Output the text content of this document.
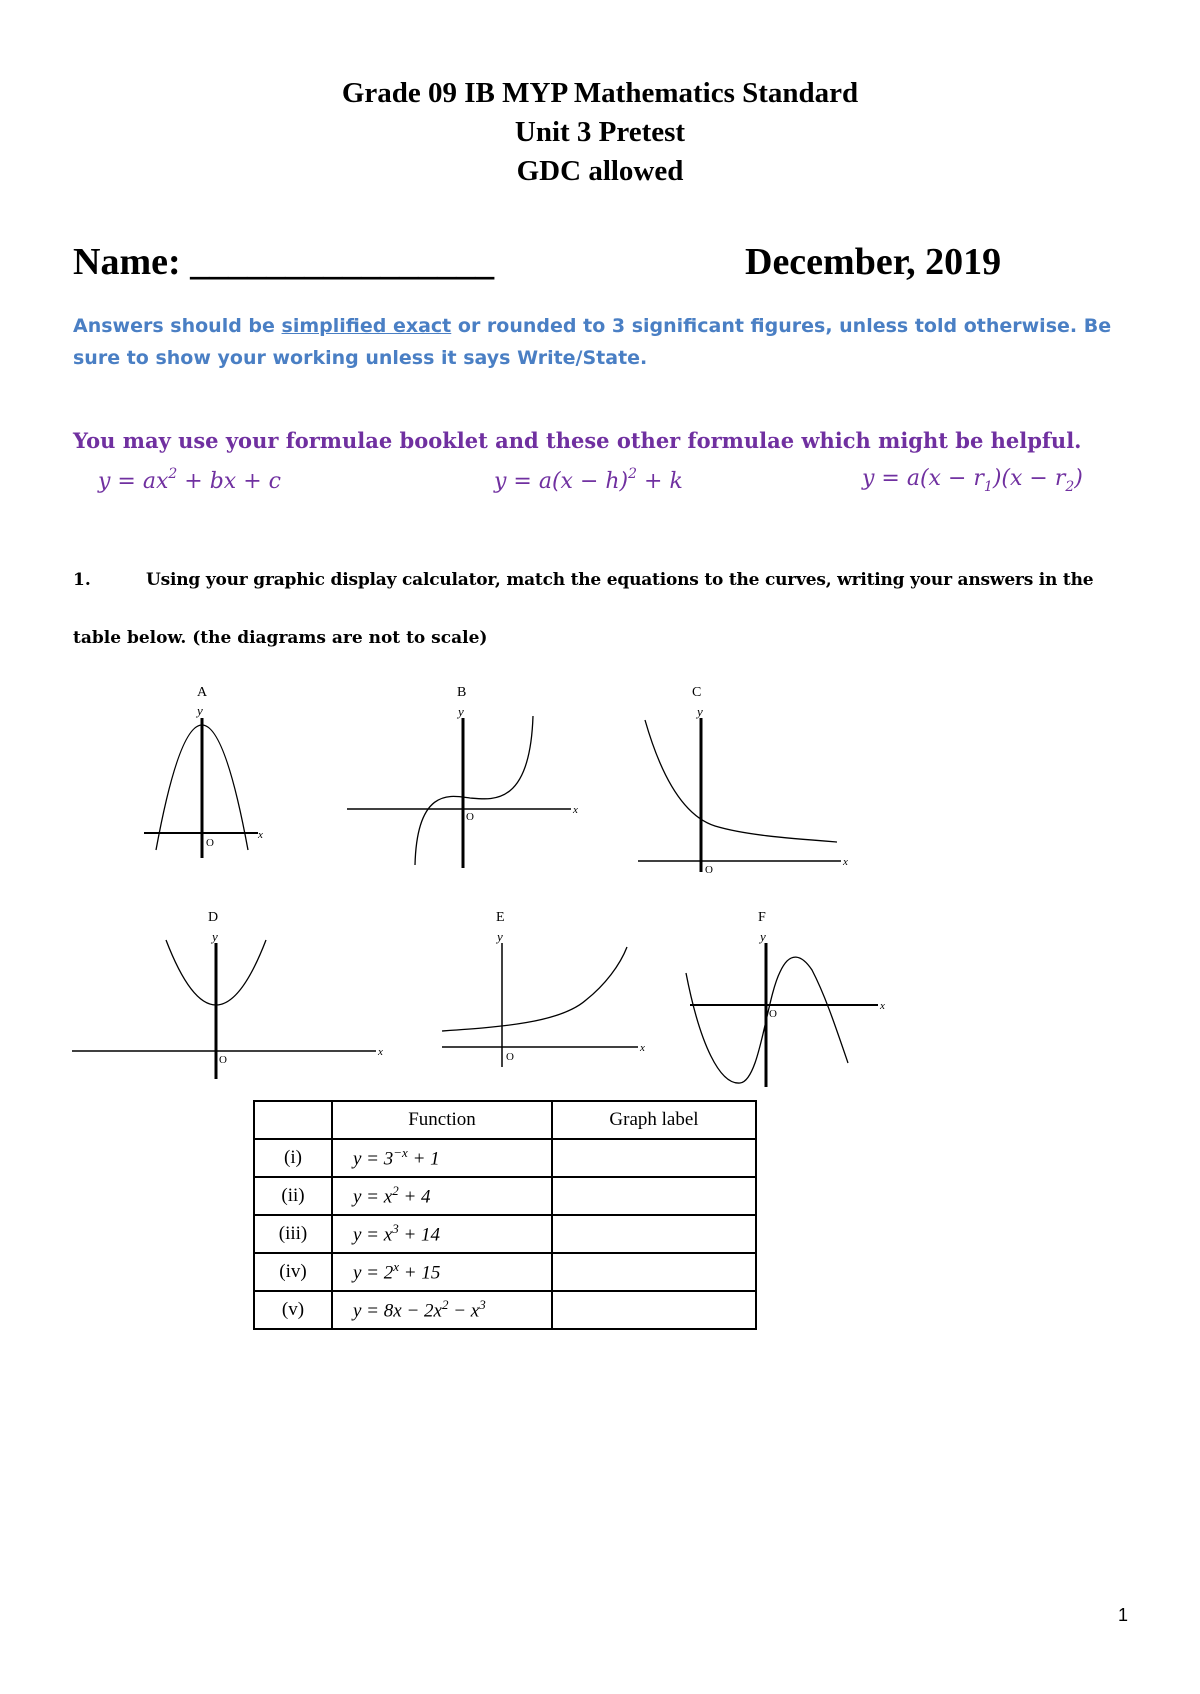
Grade 09 IB MYP Mathematics Standard
Unit 3 Pretest
GDC allowed
Name: ________________	December, 2019
Answers should be simplified exact or rounded to 3 significant figures, unless told otherwise. Be sure to show your working unless it says Write/State.
You may use your formulae booklet and these other formulae which might be helpful.
$y = ax^2$ + bx + c	$y = a(x - h)^2 + k$	$y = a(x - r_1)(x - r_2)$
1.	Using your graphic display calculator, match the equations to the curves, writing your answers in the
table below. (the diagrams are not to scale)
A
y
x
O
B
y
x
O
C
y
x
O
D
y
x
O
E
y
x
O
F
y
x
O
	Function	Graph label
(i)	$y = 3^{-x} + 1$	
(ii)	$y = x^2 + 4$	
(iii)	$y = x^3 + 14$	
(iv)	$y = 2^x + 15$	
(v)	$y = 8x - 2x^2 - x^3$	
1
